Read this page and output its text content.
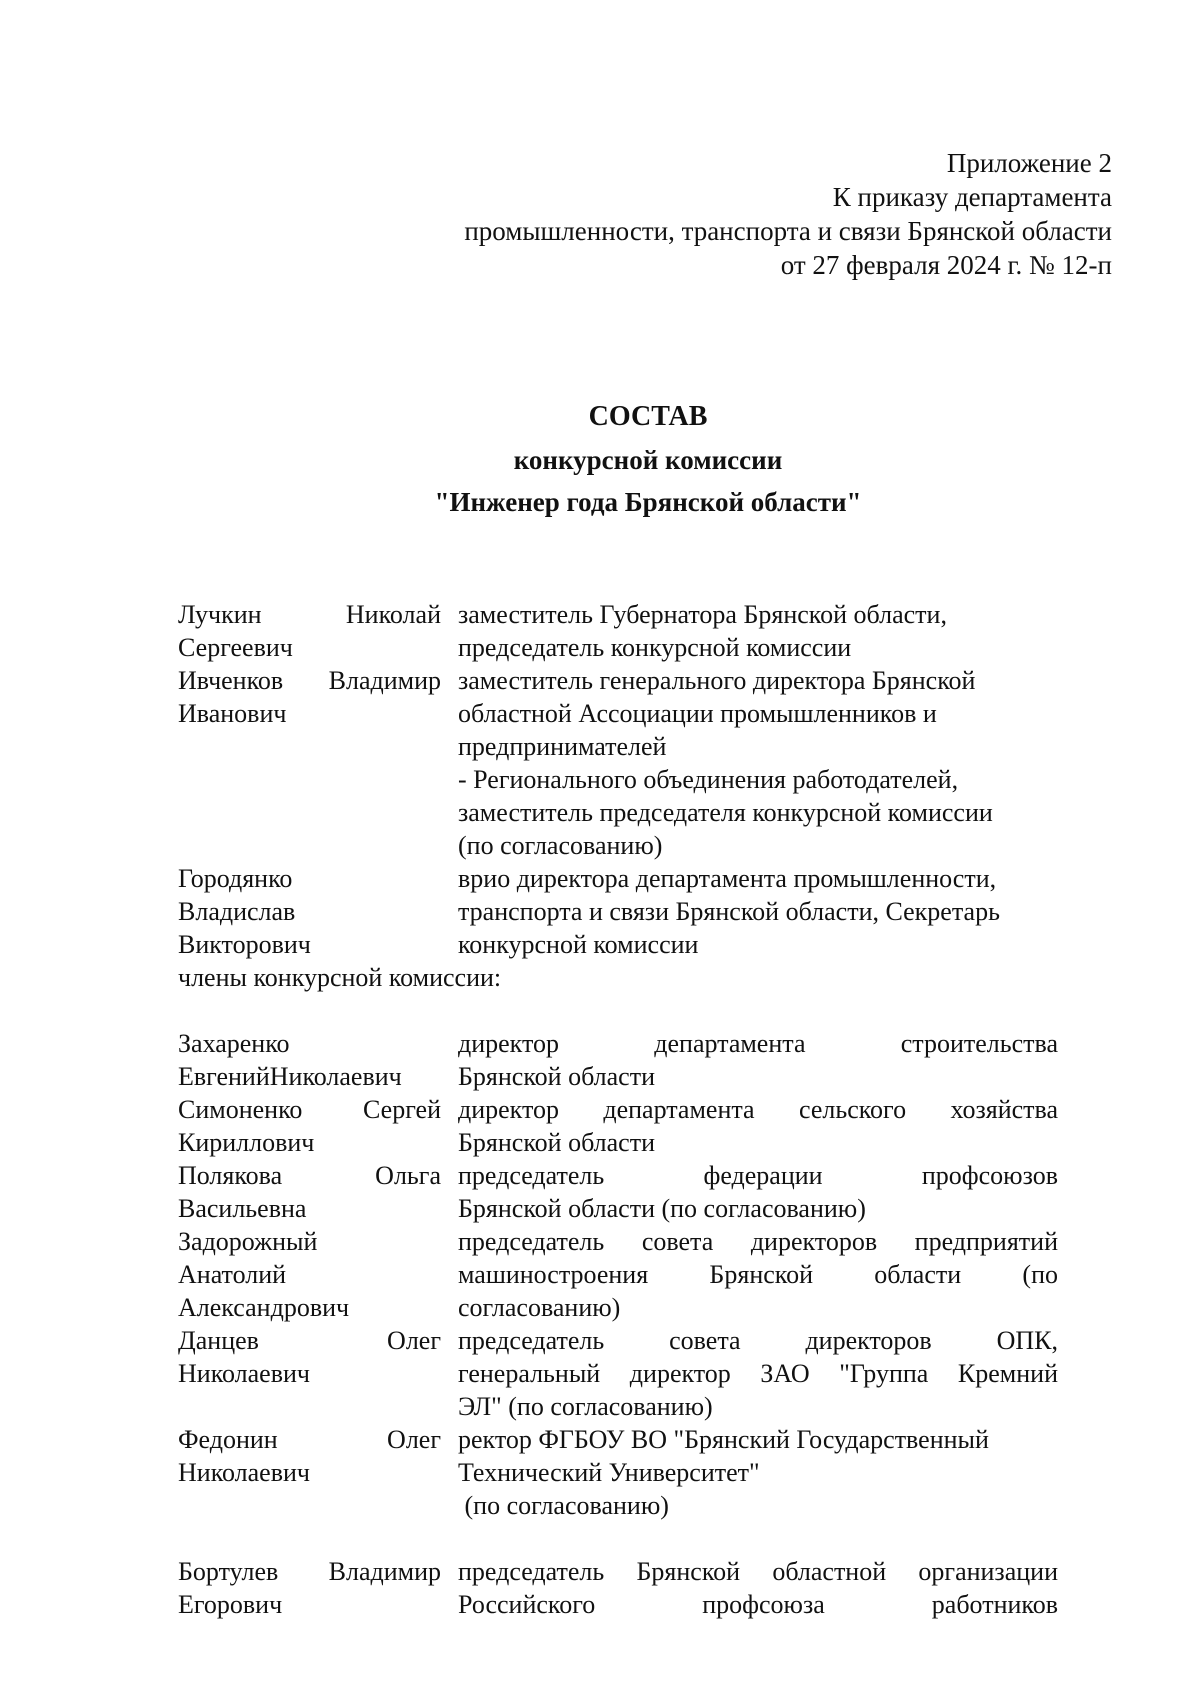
Приложение 2
К приказу департамента
промышленности, транспорта и связи Брянской области
от 27 февраля 2024 г. № 12-п
СОСТАВ
конкурсной комиссии
"Инженер года Брянской области"
Лучкин Николай
Сергеевич
заместитель Губернатора Брянской области,
председатель конкурсной комиссии
Ивченков Владимир
Иванович
заместитель генерального директора Брянской
областной Ассоциации промышленников и
предпринимателей
- Регионального объединения работодателей,
заместитель председателя конкурсной комиссии
(по согласованию)
Городянко
Владислав
Викторович
врио директора департамента промышленности,
транспорта и связи Брянской области, Секретарь
конкурсной комиссии
члены конкурсной комиссии:
Захаренко
ЕвгенийНиколаевич
директор департамента строительства
Брянской области
Симоненко Сергей
Кириллович
директор департамента сельского хозяйства
Брянской области
Полякова Ольга
Васильевна
председатель федерации профсоюзов
Брянской области (по согласованию)
Задорожный
Анатолий
Александрович
председатель совета директоров предприятий
машиностроения Брянской области (по
согласованию)
Данцев Олег
Николаевич
председатель совета директоров ОПК,
генеральный директор ЗАО "Группа Кремний
ЭЛ" (по согласованию)
Федонин Олег
Николаевич
ректор ФГБОУ ВО "Брянский Государственный
Технический Университет"
(по согласованию)
Бортулев Владимир
Егорович
председатель Брянской областной организации
Российского профсоюза работников
